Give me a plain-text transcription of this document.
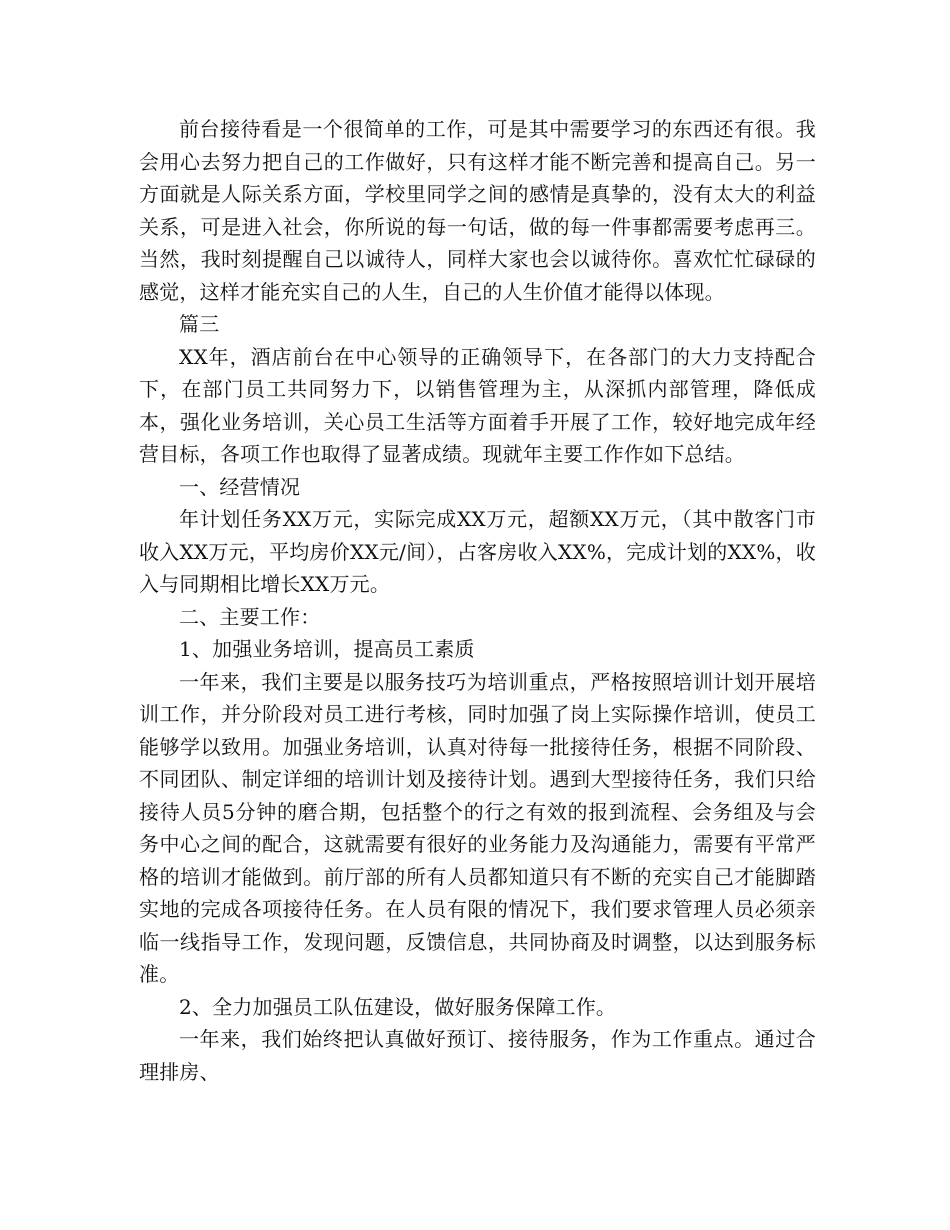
前台接待看是一个很简单的工作，可是其中需要学习的东西还有很。我会用心去努力把自己的工作做好，只有这样才能不断完善和提高自己。另一方面就是人际关系方面，学校里同学之间的感情是真挚的，没有太大的利益关系，可是进入社会，你所说的每一句话，做的每一件事都需要考虑再三。当然，我时刻提醒自己以诚待人，同样大家也会以诚待你。喜欢忙忙碌碌的感觉，这样才能充实自己的人生，自己的人生价值才能得以体现。

篇三

XX年，酒店前台在中心领导的正确领导下，在各部门的大力支持配合下，在部门员工共同努力下，以销售管理为主，从深抓内部管理，降低成本，强化业务培训，关心员工生活等方面着手开展了工作，较好地完成年经营目标，各项工作也取得了显著成绩。现就年主要工作作如下总结。

一、经营情况

年计划任务XX万元，实际完成XX万元，超额XX万元，（其中散客门市收入XX万元，平均房价XX元/间），占客房收入XX%，完成计划的XX%，收入与同期相比增长XX万元。

二、主要工作：

1、加强业务培训，提高员工素质

一年来，我们主要是以服务技巧为培训重点，严格按照培训计划开展培训工作，并分阶段对员工进行考核，同时加强了岗上实际操作培训，使员工能够学以致用。加强业务培训，认真对待每一批接待任务，根据不同阶段、不同团队、制定详细的培训计划及接待计划。遇到大型接待任务，我们只给接待人员5分钟的磨合期，包括整个的行之有效的报到流程、会务组及与会务中心之间的配合，这就需要有很好的业务能力及沟通能力，需要有平常严格的培训才能做到。前厅部的所有人员都知道只有不断的充实自己才能脚踏实地的完成各项接待任务。在人员有限的情况下，我们要求管理人员必须亲临一线指导工作，发现问题，反馈信息，共同协商及时调整，以达到服务标准。

2、全力加强员工队伍建设，做好服务保障工作。

一年来，我们始终把认真做好预订、接待服务，作为工作重点。通过合理排房、
